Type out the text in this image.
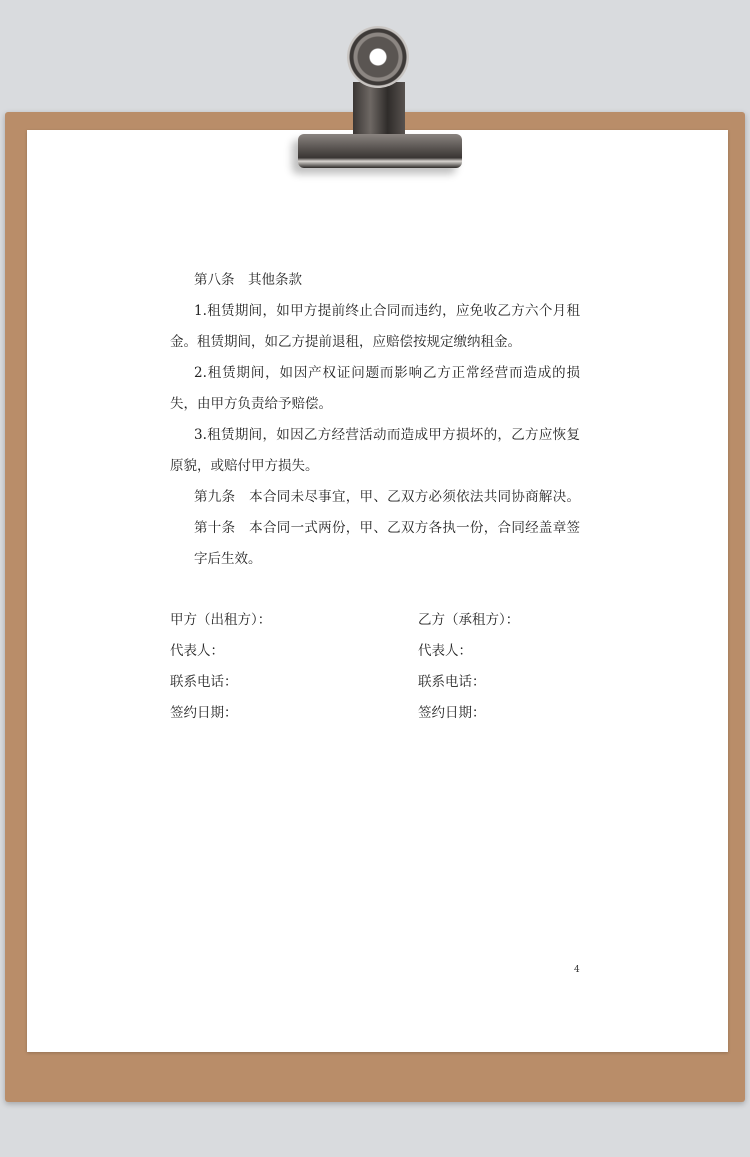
第八条　其他条款
1.租赁期间，如甲方提前终止合同而违约，应免收乙方六个月租
金。租赁期间，如乙方提前退租，应赔偿按规定缴纳租金。
2.租赁期间，如因产权证问题而影响乙方正常经营而造成的损
失，由甲方负责给予赔偿。
3.租赁期间，如因乙方经营活动而造成甲方损坏的，乙方应恢复
原貌，或赔付甲方损失。
第九条　本合同未尽事宜，甲、乙双方必须依法共同协商解决。
第十条　本合同一式两份，甲、乙双方各执一份，合同经盖章签
字后生效。
甲方（出租方）：
代表人：
联系电话：
签约日期：
乙方（承租方）：
代表人：
联系电话：
签约日期：
4
